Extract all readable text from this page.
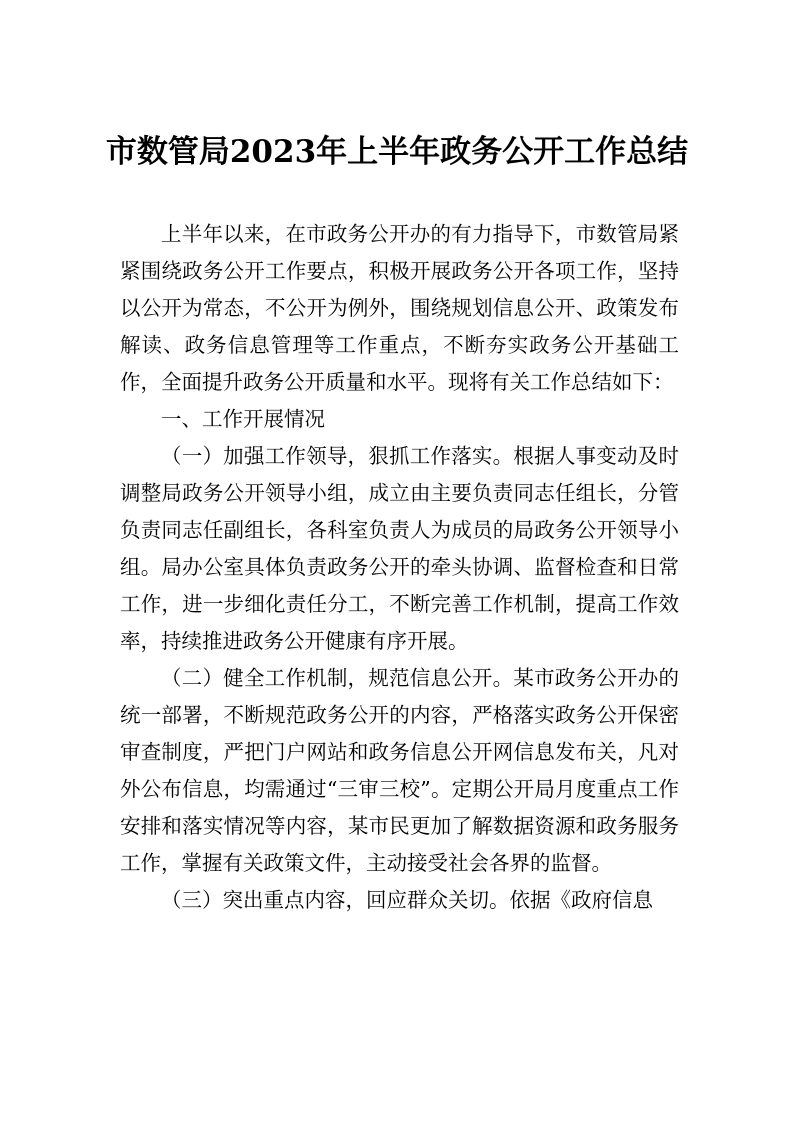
市数管局2023年上半年政务公开工作总结

上半年以来，在市政务公开办的有力指导下，市数管局紧紧围绕政务公开工作要点，积极开展政务公开各项工作，坚持以公开为常态，不公开为例外，围绕规划信息公开、政策发布解读、政务信息管理等工作重点，不断夯实政务公开基础工作，全面提升政务公开质量和水平。现将有关工作总结如下：

一、工作开展情况

（一）加强工作领导，狠抓工作落实。根据人事变动及时调整局政务公开领导小组，成立由主要负责同志任组长，分管负责同志任副组长，各科室负责人为成员的局政务公开领导小组。局办公室具体负责政务公开的牵头协调、监督检查和日常工作，进一步细化责任分工，不断完善工作机制，提高工作效率，持续推进政务公开健康有序开展。

（二）健全工作机制，规范信息公开。某市政务公开办的统一部署，不断规范政务公开的内容，严格落实政务公开保密审查制度，严把门户网站和政务信息公开网信息发布关，凡对外公布信息，均需通过“三审三校”。定期公开局月度重点工作安排和落实情况等内容，某市民更加了解数据资源和政务服务工作，掌握有关政策文件，主动接受社会各界的监督。

（三）突出重点内容，回应群众关切。依据《政府信息
